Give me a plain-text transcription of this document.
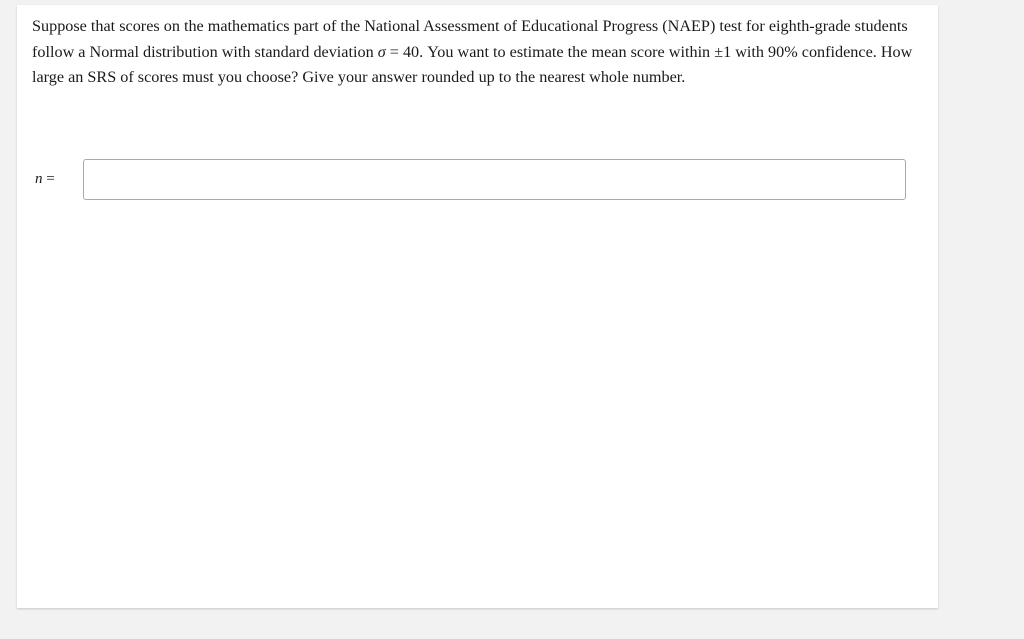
Suppose that scores on the mathematics part of the National Assessment of Educational Progress (NAEP) test for eighth-grade students follow a Normal distribution with standard deviation σ = 40. You want to estimate the mean score within ±1 with 90% confidence. How large an SRS of scores must you choose? Give your answer rounded up to the nearest whole number.
n =
